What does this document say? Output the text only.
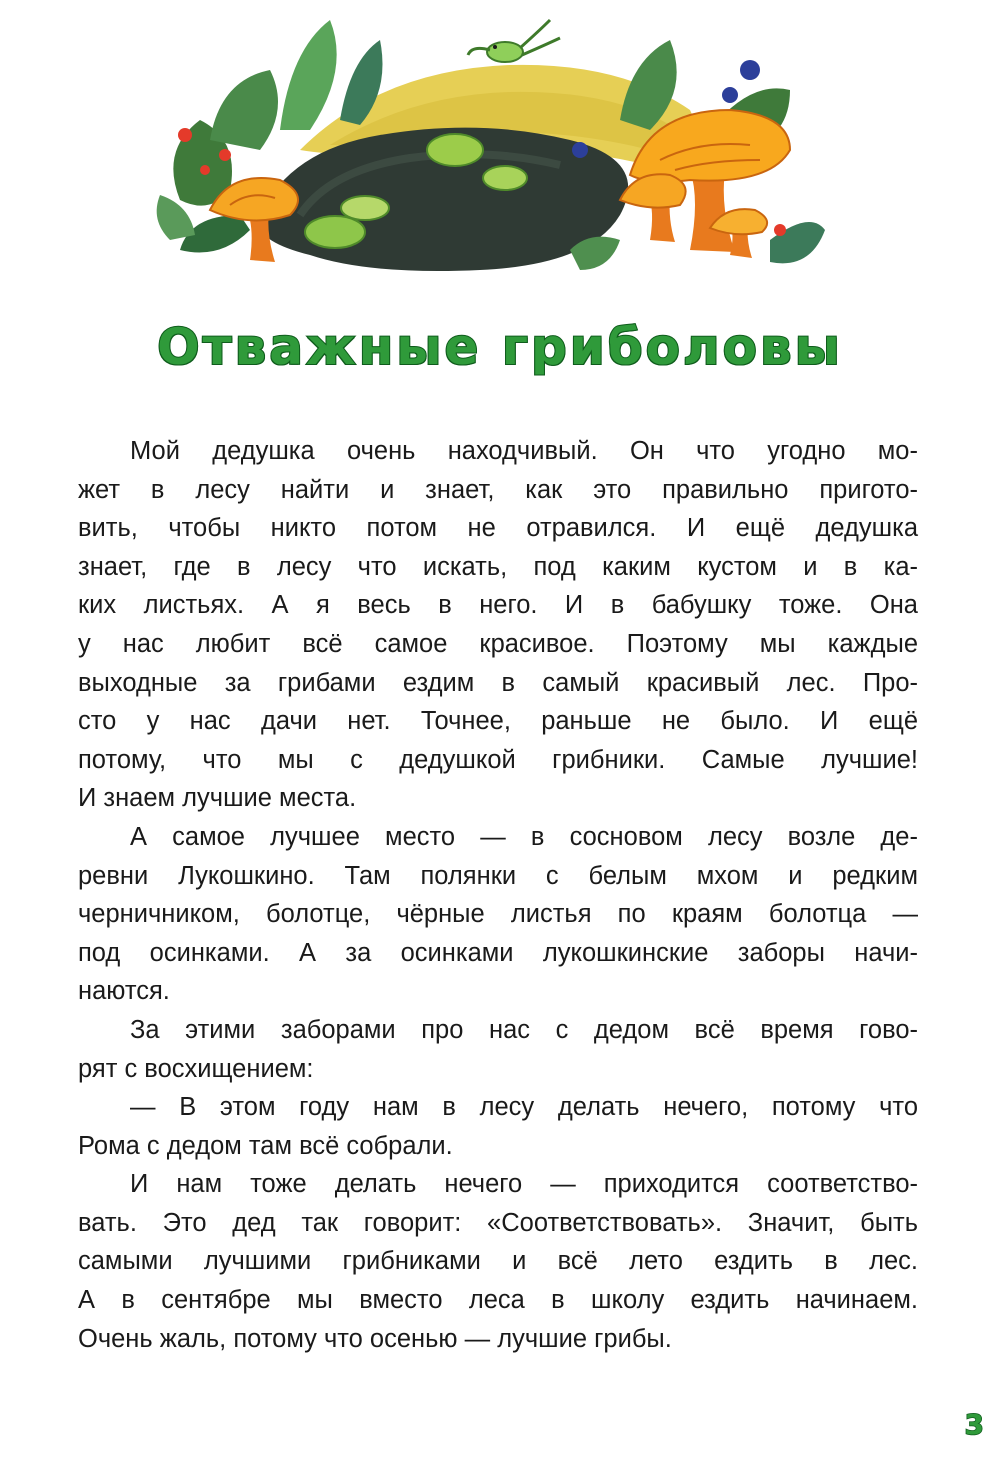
Отважные гриболовы
Мой дедушка очень находчивый. Он что угодно мо-
жет в лесу найти и знает, как это правильно пригото-
вить, чтобы никто потом не отравился. И ещё дедушка
знает, где в лесу что искать, под каким кустом и в ка-
ких листьях. А я весь в него. И в бабушку тоже. Она
у нас любит всё самое красивое. Поэтому мы каждые
выходные за грибами ездим в самый красивый лес. Про-
сто у нас дачи нет. Точнее, раньше не было. И ещё
потому, что мы с дедушкой грибники. Самые лучшие!
И знаем лучшие места.
А самое лучшее место — в сосновом лесу возле де-
ревни Лукошкино. Там полянки с белым мхом и редким
черничником, болотце, чёрные листья по краям болотца —
под осинками. А за осинками лукошкинские заборы начи-
наются.
За этими заборами про нас с дедом всё время гово-
рят с восхищением:
— В этом году нам в лесу делать нечего, потому что
Рома с дедом там всё собрали.
И нам тоже делать нечего — приходится соответство-
вать. Это дед так говорит: «Соответствовать». Значит, быть
самыми лучшими грибниками и всё лето ездить в лес.
А в сентябре мы вместо леса в школу ездить начинаем.
Очень жаль, потому что осенью — лучшие грибы.
3
